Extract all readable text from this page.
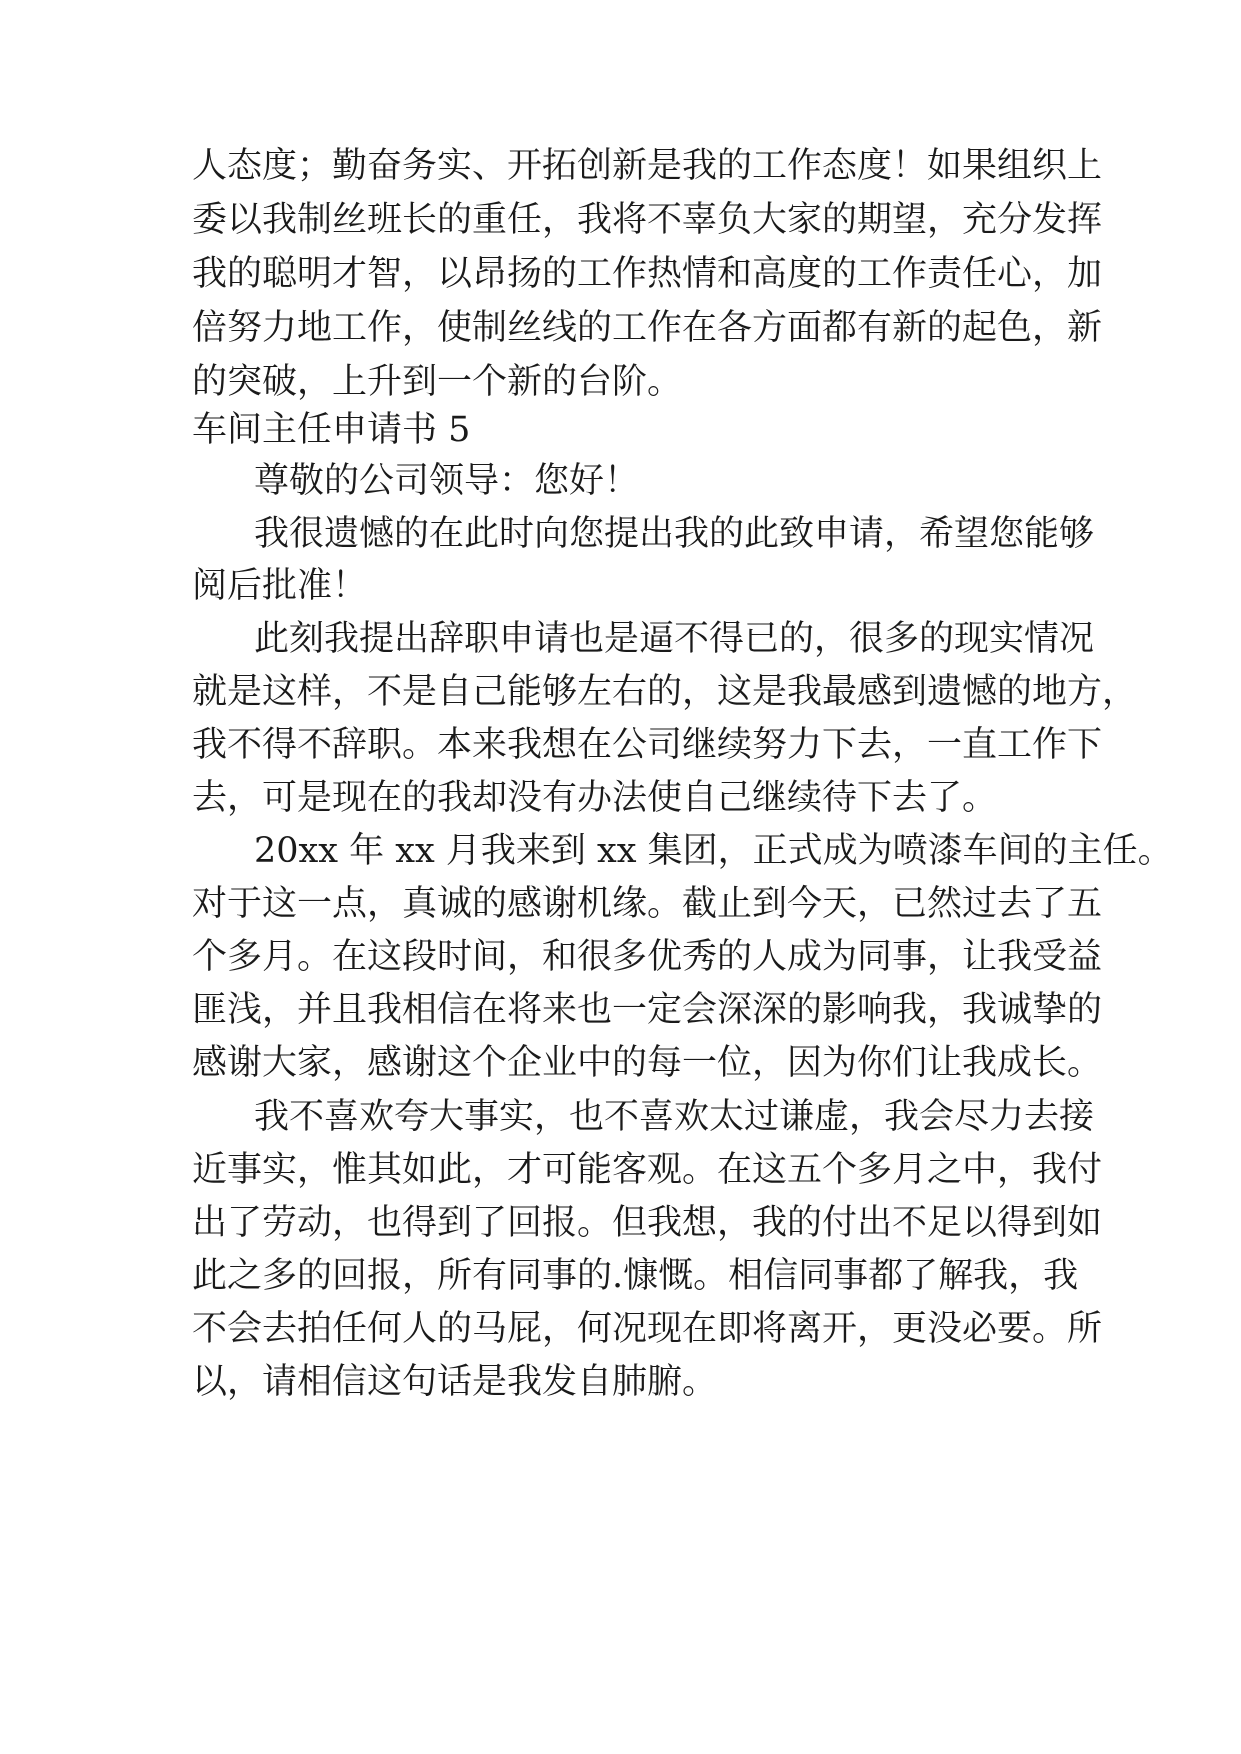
人态度；勤奋务实、开拓创新是我的工作态度！如果组织上
委以我制丝班长的重任，我将不辜负大家的期望，充分发挥
我的聪明才智，以昂扬的工作热情和高度的工作责任心，加
倍努力地工作，使制丝线的工作在各方面都有新的起色，新
的突破，上升到一个新的台阶。
车间主任申请书 5
尊敬的公司领导：您好！
我很遗憾的在此时向您提出我的此致申请，希望您能够
阅后批准！
此刻我提出辞职申请也是逼不得已的，很多的现实情况
就是这样，不是自己能够左右的，这是我最感到遗憾的地方，
我不得不辞职。本来我想在公司继续努力下去，一直工作下
去，可是现在的我却没有办法使自己继续待下去了。
20xx 年 xx 月我来到 xx 集团，正式成为喷漆车间的主任。
对于这一点，真诚的感谢机缘。截止到今天，已然过去了五
个多月。在这段时间，和很多优秀的人成为同事，让我受益
匪浅，并且我相信在将来也一定会深深的影响我，我诚挚的
感谢大家，感谢这个企业中的每一位，因为你们让我成长。
我不喜欢夸大事实，也不喜欢太过谦虚，我会尽力去接
近事实，惟其如此，才可能客观。在这五个多月之中，我付
出了劳动，也得到了回报。但我想，我的付出不足以得到如
此之多的回报，所有同事的.慷慨。相信同事都了解我，我
不会去拍任何人的马屁，何况现在即将离开，更没必要。所
以，请相信这句话是我发自肺腑。
